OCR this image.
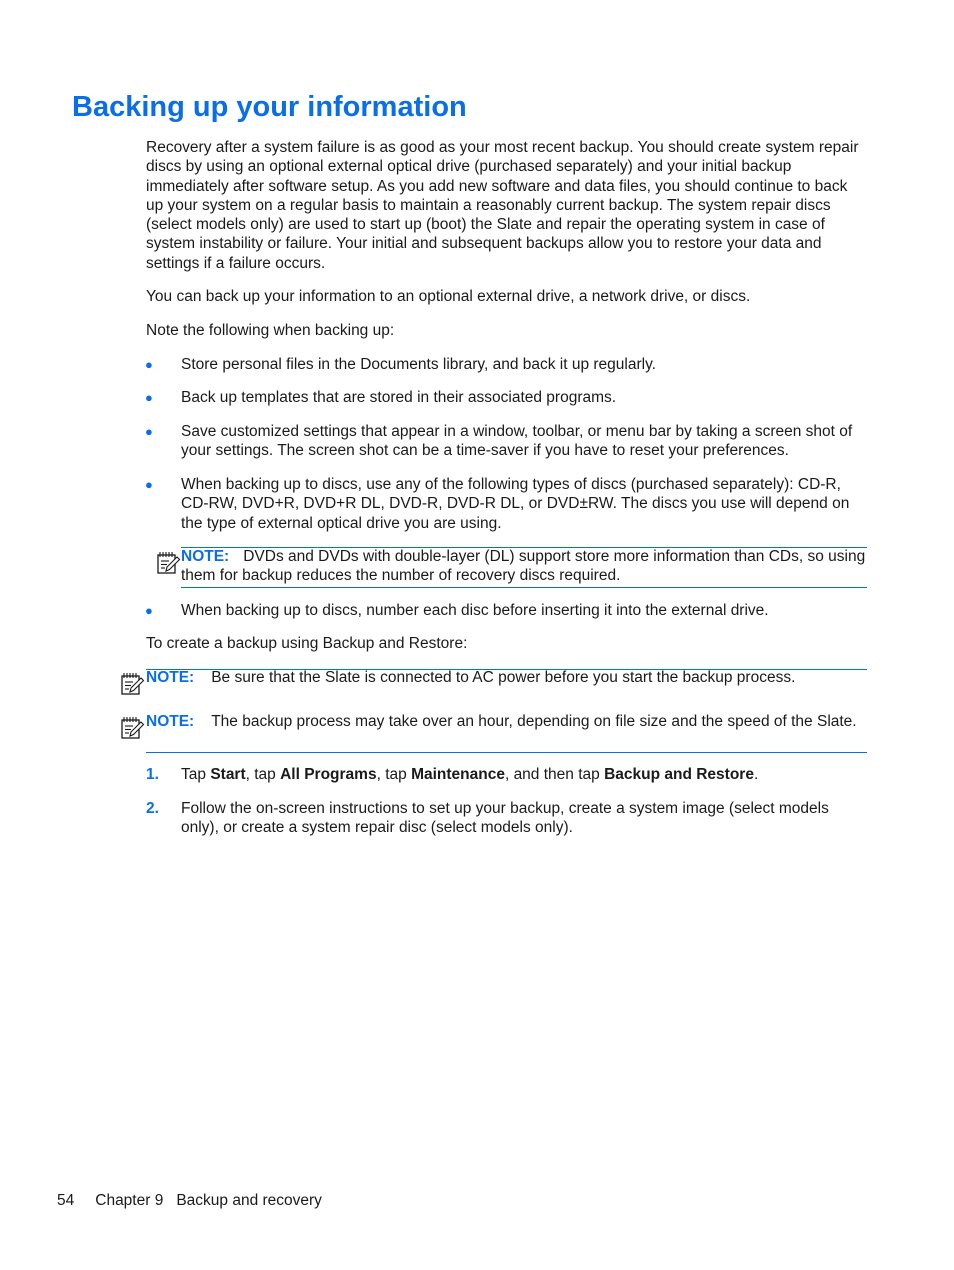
Backing up your information

Recovery after a system failure is as good as your most recent backup. You should create system repair discs by using an optional external optical drive (purchased separately) and your initial backup immediately after software setup. As you add new software and data files, you should continue to back up your system on a regular basis to maintain a reasonably current backup. The system repair discs (select models only) are used to start up (boot) the Slate and repair the operating system in case of system instability or failure. Your initial and subsequent backups allow you to restore your data and settings if a failure occurs.

You can back up your information to an optional external drive, a network drive, or discs.

Note the following when backing up:

● Store personal files in the Documents library, and back it up regularly.

● Back up templates that are stored in their associated programs.

● Save customized settings that appear in a window, toolbar, or menu bar by taking a screen shot of your settings. The screen shot can be a time-saver if you have to reset your preferences.

● When backing up to discs, use any of the following types of discs (purchased separately): CD-R, CD-RW, DVD+R, DVD+R DL, DVD-R, DVD-R DL, or DVD±RW. The discs you use will depend on the type of external optical drive you are using.

NOTE: DVDs and DVDs with double-layer (DL) support store more information than CDs, so using them for backup reduces the number of recovery discs required.

● When backing up to discs, number each disc before inserting it into the external drive.

To create a backup using Backup and Restore:

NOTE: Be sure that the Slate is connected to AC power before you start the backup process.

NOTE: The backup process may take over an hour, depending on file size and the speed of the Slate.

1. Tap Start, tap All Programs, tap Maintenance, and then tap Backup and Restore.

2. Follow the on-screen instructions to set up your backup, create a system image (select models only), or create a system repair disc (select models only).

54 Chapter 9 Backup and recovery
